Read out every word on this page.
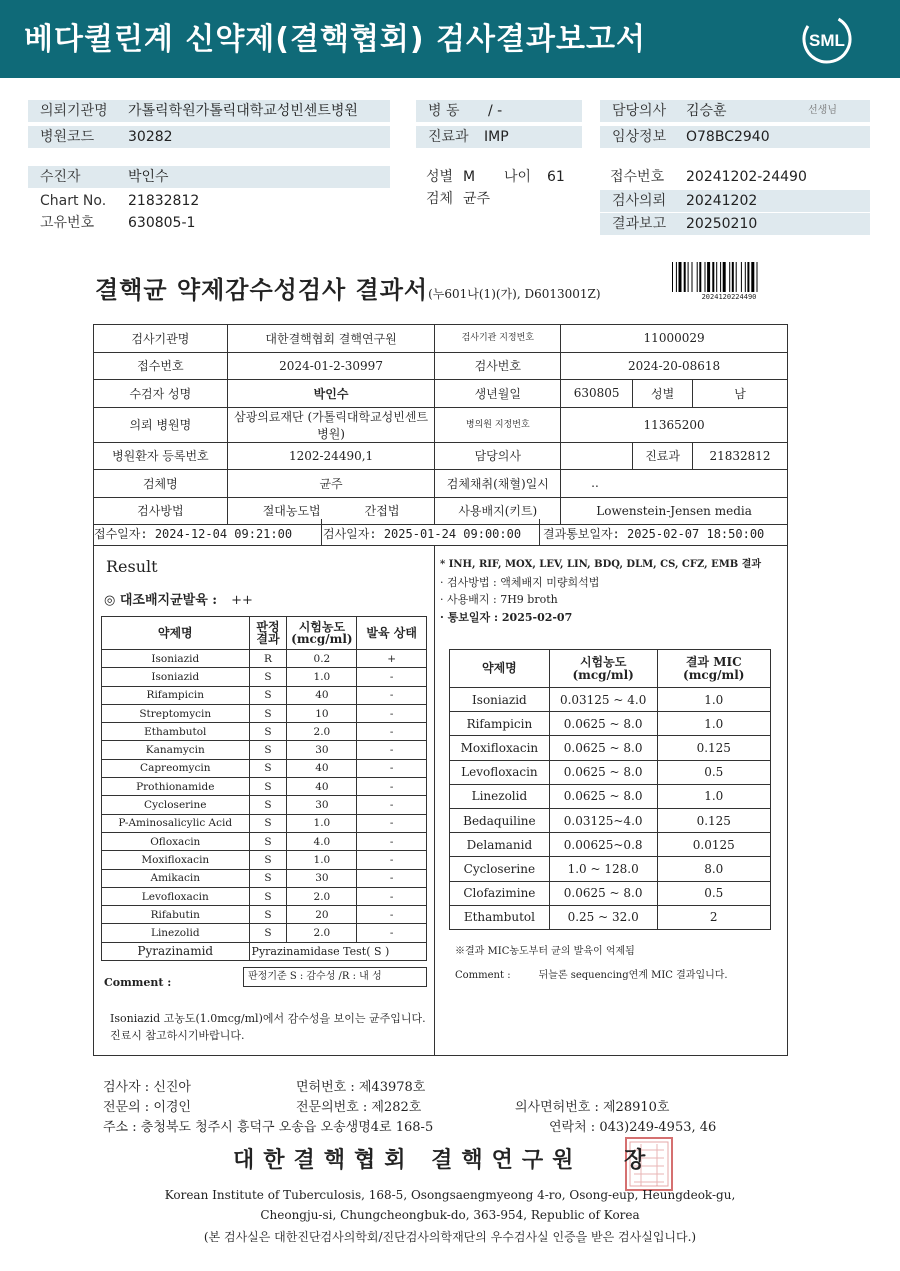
베다퀼린계 신약제(결핵협회) 검사결과보고서	SML
의뢰기관명	가톨릭학원가톨릭대학교성빈센트병원
병원코드	30282
병 동	/ -
진료과	IMP
담당의사	김승훈	선생님
임상정보	O78BC2940
수진자	박인수
Chart No. 21832812
고유번호 630805-1
성별 M 나이 61
검체 균주
접수번호 20241202-24490
검사의뢰	20241202
결과보고	20250210
결핵균 약제감수성검사 결과서(누601나(1)(가), D6013001Z)	2024120224490
검사기관명	대한결핵협회 결핵연구원	검사기관 지정번호	11000029		
접수번호	2024-01-2-30997	검사번호	2024-20-08618		
수검자 성명	박인수	생년월일	630805	성별	남
의뢰 병원명	삼광의료재단 (가톨릭대학교성빈센트병원)	병의원 지정번호	11365200		
병원환자 등록번호	1202-24490,1	담당의사		진료과	21832812
검체명	균주	검체채취(채혈)일시	..		
검사방법	절대농도법 간접법	사용배지(키트)	Lowenstein-Jensen media		
접수일자: 2024-12-04 09:21:00	검사일자: 2025-01-24 09:00:00 결과통보일자: 2025-02-07 18:50:00
Result
◎ 대조배지균발육 : ++
약제명	판정 결과	시험농도 (mcg/ml)	발육 상태
Isoniazid	R	0.2	+
Isoniazid	S	1.0	-
Rifampicin	S	40	-
Streptomycin	S	10	-
Ethambutol	S	2.0	-
Kanamycin	S	30	-
Capreomycin	S	40	-
Prothionamide	S	40	-
Cycloserine	S	30	-
P-Aminosalicylic Acid	S	1.0	-
Ofloxacin	S	4.0	-
Moxifloxacin	S	1.0	-
Amikacin	S	30	-
Levofloxacin	S	2.0	-
Rifabutin	S	20	-
Linezolid	S	2.0	-
Pyrazinamid	Pyrazinamidase Test( S )		
판정기준 S : 감수성 /R : 내 성
Comment :
Isoniazid 고농도(1.0mcg/ml)에서 감수성을 보이는 균주입니다. 진료시 참고하시기바랍니다.
* INH, RIF, MOX, LEV, LIN, BDQ, DLM, CS, CFZ, EMB 결과
· 검사방법 : 액체배지 미량희석법
· 사용배지 : 7H9 broth
· 통보일자 : 2025-02-07
약제명	시험농도 (mcg/ml)	결과 MIC (mcg/ml)
Isoniazid	0.03125 ~ 4.0	1.0
Rifampicin	0.0625 ~ 8.0	1.0
Moxifloxacin	0.0625 ~ 8.0	0.125
Levofloxacin	0.0625 ~ 8.0	0.5
Linezolid	0.0625 ~ 8.0	1.0
Bedaquiline	0.03125~4.0	0.125
Delamanid	0.00625~0.8	0.0125
Cycloserine	1.0 ~ 128.0	8.0
Clofazimine	0.0625 ~ 8.0	0.5
Ethambutol	0.25 ~ 32.0	2
※결과 MIC농도부터 균의 발육이 억제됨
Comment :	뒤늘론 sequencing연계 MIC 결과입니다.
검사자 : 신진아	면허번호 : 제43978호
전문의 : 이경인	전문의번호 : 제282호	의사면허번호 : 제28910호
주소 : 충청북도 청주시 흥덕구 오송읍 오송생명4로 168-5	연락처 : 043)249-4953, 46
대한결핵협회 결핵연구원 장
Korean Institute of Tuberculosis, 168-5, Osongsaengmyeong 4-ro, Osong-eup, Heungdeok-gu,
Cheongju-si, Chungcheongbuk-do, 363-954, Republic of Korea
(본 검사실은 대한진단검사의학회/진단검사의학재단의 우수검사실 인증을 받은 검사실입니다.)
